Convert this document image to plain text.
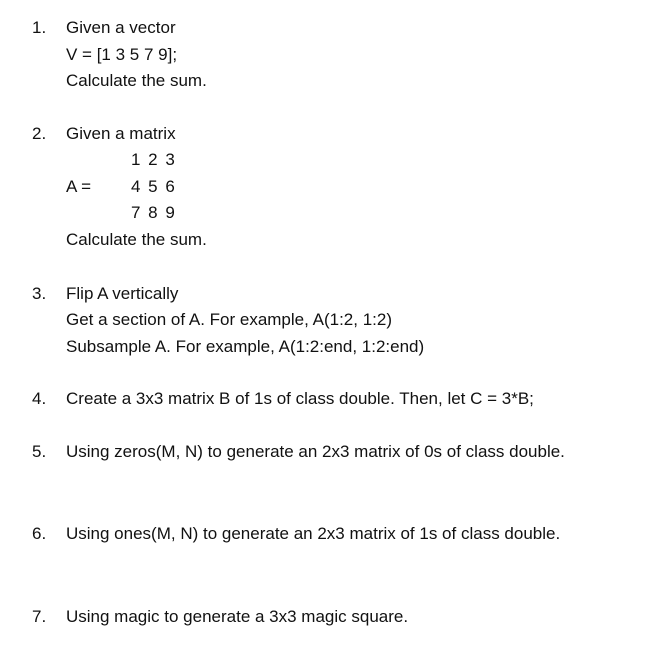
1. Given a vector
V = [1 3 5 7 9];
Calculate the sum.
2. Given a matrix
1 2 3
A = 4 5 6
7 8 9
Calculate the sum.
3. Flip A vertically
Get a section of A. For example, A(1:2, 1:2)
Subsample A. For example, A(1:2:end, 1:2:end)
4. Create a 3x3 matrix B of 1s of class double. Then, let C = 3*B;
5. Using zeros(M, N) to generate an 2x3 matrix of 0s of class double.
6. Using ones(M, N) to generate an 2x3 matrix of 1s of class double.
7. Using magic to generate a 3x3 magic square.
